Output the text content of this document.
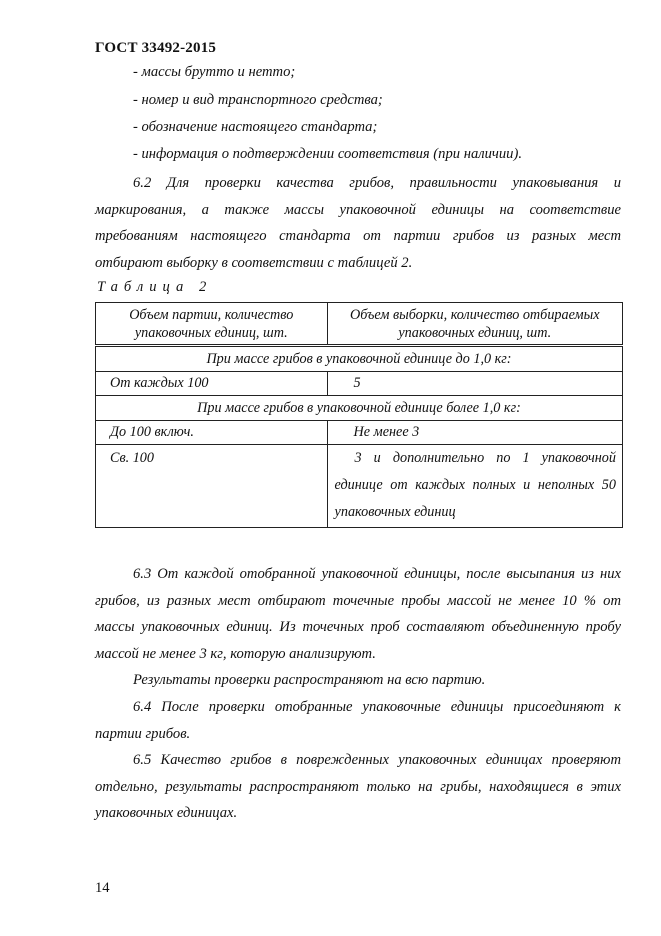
ГОСТ 33492-2015
- массы брутто и нетто;
- номер и вид транспортного средства;
- обозначение настоящего стандарта;
- информация о подтверждении соответствия (при наличии).
6.2 Для проверки качества грибов, правильности упаковывания и маркирования, а также массы упаковочной единицы на соответствие требованиям настоящего стандарта от партии грибов из разных мест отбирают выборку в соответствии с таблицей 2.
Таблица 2
Объем партии, количество упаковочных единиц, шт.	Объем выборки, количество отбираемых упаковочных единиц, шт.
При массе грибов в упаковочной единице до 1,0 кг:	
От каждых 100	5
При массе грибов в упаковочной единице более 1,0 кг:	
До 100 включ.	Не менее 3
Св. 100	3 и дополнительно по 1 упаковочной единице от каждых полных и неполных 50 упаковочных единиц
6.3 От каждой отобранной упаковочной единицы, после высыпания из них грибов, из разных мест отбирают точечные пробы массой не менее 10 % от массы упаковочных единиц. Из точечных проб составляют объединенную пробу массой не менее 3 кг, которую анализируют.
Результаты проверки распространяют на всю партию.
6.4 После проверки отобранные упаковочные единицы присоединяют к партии грибов.
6.5 Качество грибов в поврежденных упаковочных единицах проверяют отдельно, результаты распространяют только на грибы, находящиеся в этих упаковочных единицах.
14
